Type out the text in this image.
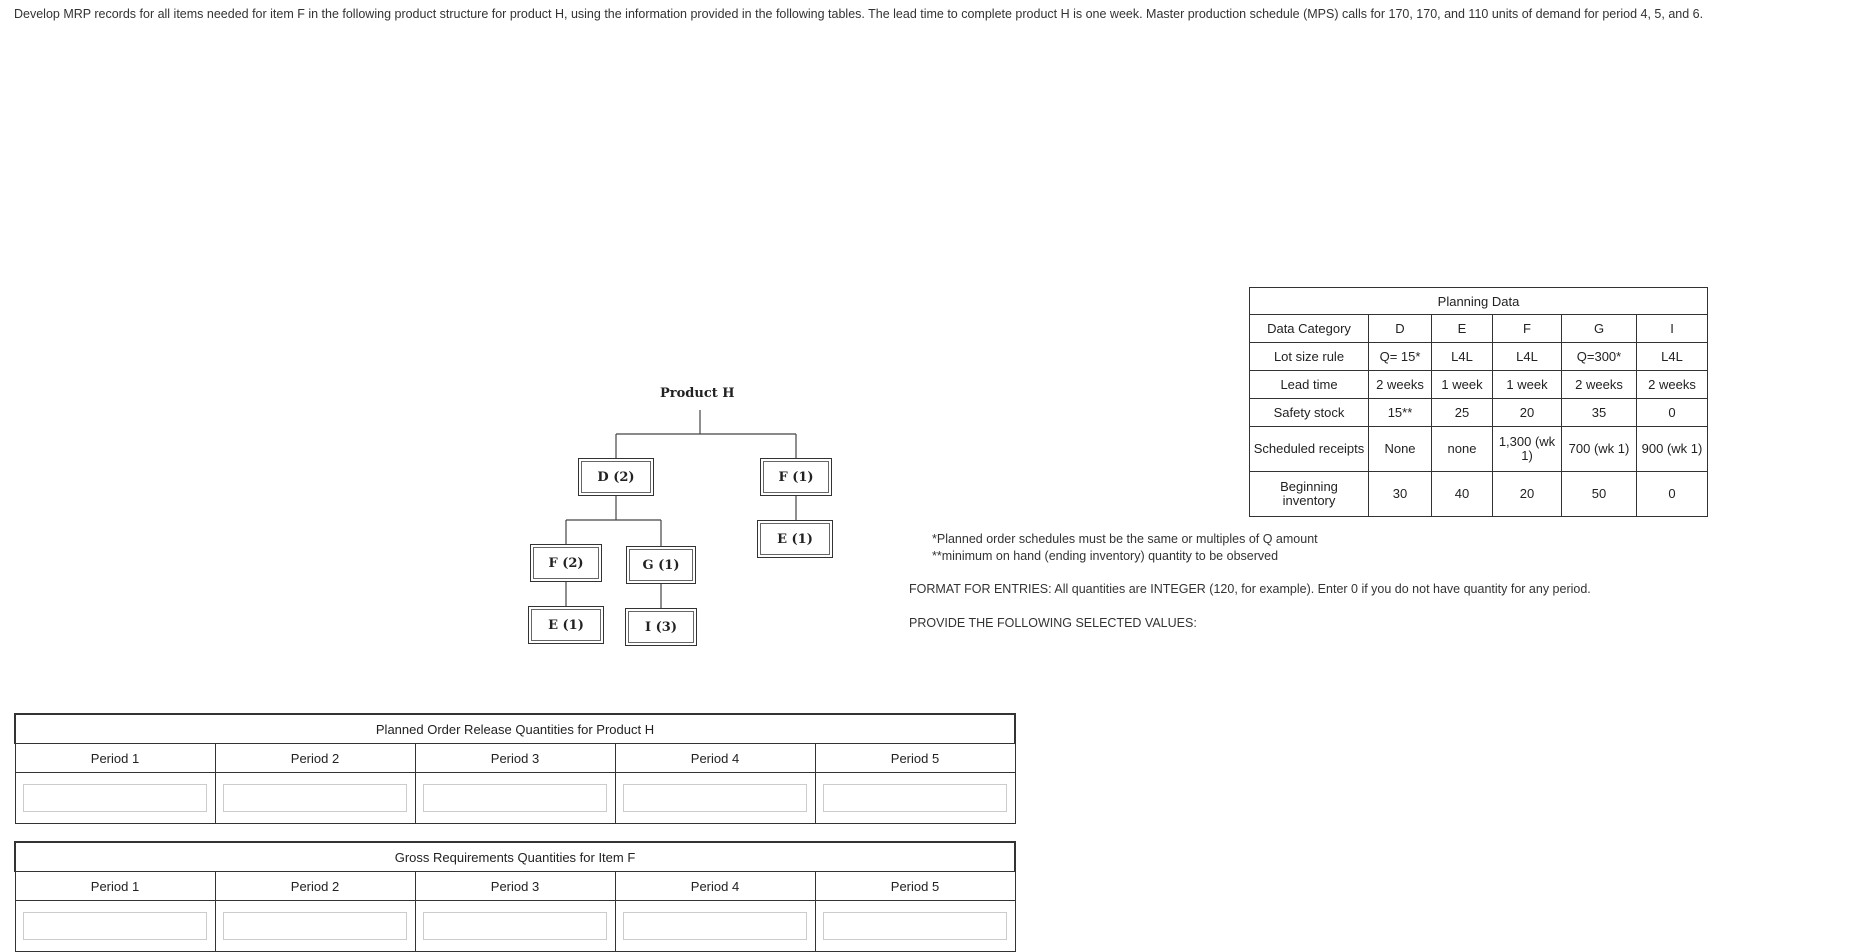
Develop MRP records for all items needed for item F in the following product structure for product H, using the information provided in the following tables. The lead time to complete product H is one week. Master production schedule (MPS) calls for 170, 170, and 110 units of demand for period 4, 5, and 6.
Product H
D (2)	F (1)
E (1)
F (2)	G (1)
E (1)	I (3)
Planning Data					
Data Category	D	E	F	G	I
Lot size rule	Q= 15*	L4L	L4L	Q=300*	L4L
Lead time	2 weeks	1 week	1 week	2 weeks	2 weeks
Safety stock	15**	25	20	35	0
Scheduled receipts	None	none	1,300 (wk 1)	700 (wk 1)	900 (wk 1)
Beginning inventory	30	40	20	50	0
*Planned order schedules must be the same or multiples of Q amount
**minimum on hand (ending inventory) quantity to be observed
FORMAT FOR ENTRIES: All quantities are INTEGER (120, for example). Enter 0 if you do not have quantity for any period.
PROVIDE THE FOLLOWING SELECTED VALUES:
Planned Order Release Quantities for Product H				
Period 1	Period 2	Period 3	Period 4	Period 5

Gross Requirements Quantities for Item F				
Period 1	Period 2	Period 3	Period 4	Period 5
